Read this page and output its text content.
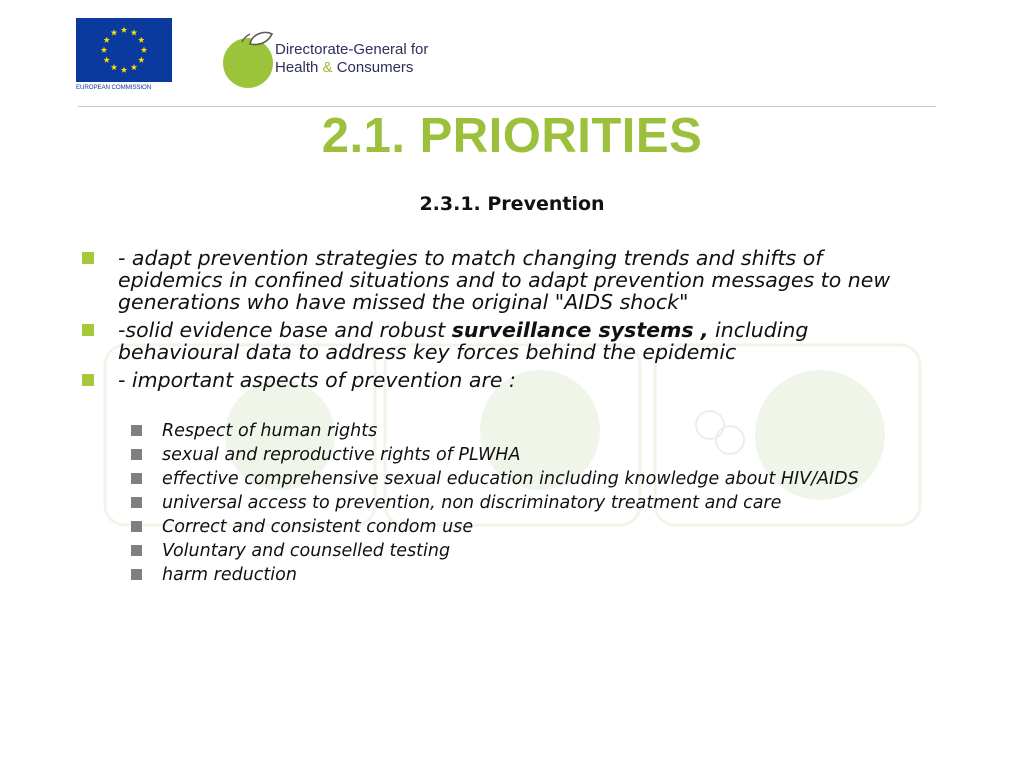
EUROPEAN COMMISSION
Directorate-General for
Health & Consumers
2.1. PRIORITIES
2.3.1. Prevention
- adapt prevention strategies to match changing trends and shifts of epidemics in confined situations and to adapt prevention messages to new generations who have missed the original "AIDS shock"
-solid evidence base and robust surveillance systems , including behavioural data to address key forces behind the epidemic
- important aspects of prevention are :
Respect of human rights
sexual and reproductive rights of PLWHA
effective comprehensive sexual education including knowledge about HIV/AIDS
universal access to prevention, non discriminatory treatment and care
Correct and consistent condom use
Voluntary and counselled testing
harm reduction
